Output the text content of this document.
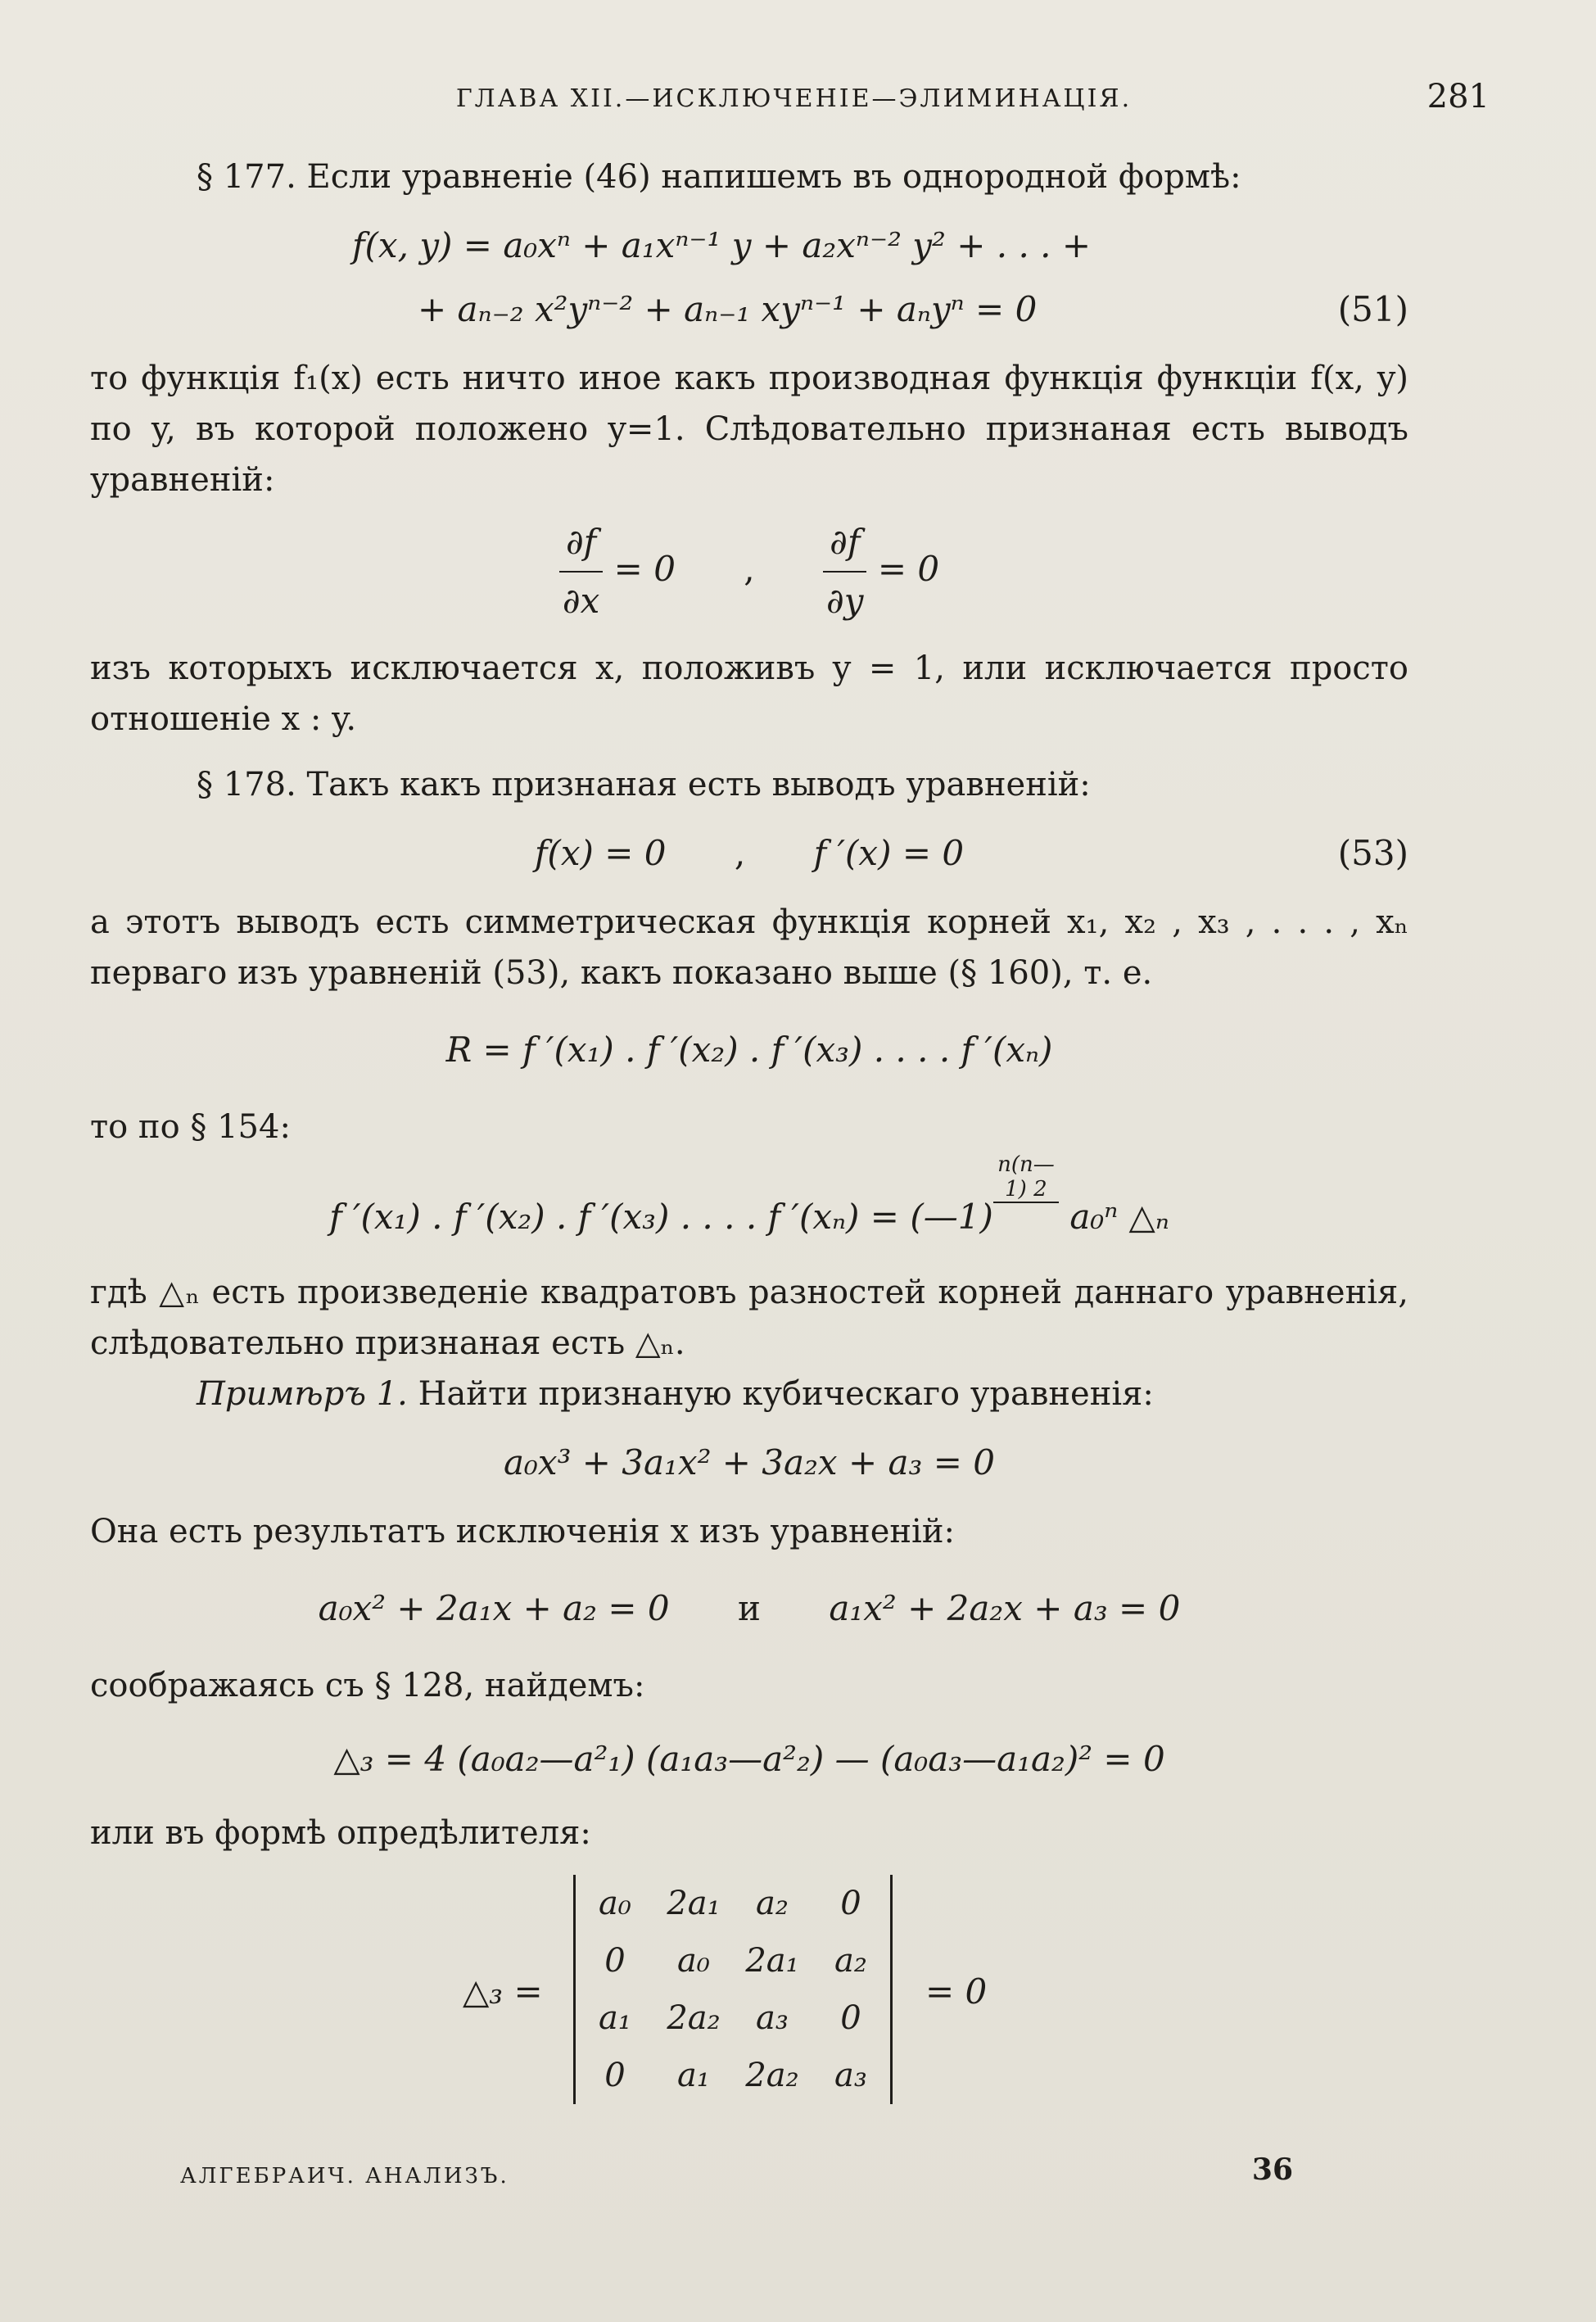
ГЛАВА XII.—ИСКЛЮЧЕНІЕ—ЭЛИМИНАЦІЯ.	281

§ 177. Если уравненіе (46) напишемъ въ однородной формѣ:

f(x, y) = a₀xⁿ + a₁xⁿ⁻¹ y + a₂xⁿ⁻² y² + . . . +
+ aₙ₋₂ x²yⁿ⁻² + aₙ₋₁ xyⁿ⁻¹ + aₙyⁿ = 0	(51)

то функція f₁(x) есть ничто иное какъ производная функція функціи f(x, y) по y, въ которой положено y=1. Слѣдовательно признаная есть выводъ уравненій:

$\frac{\partial f}{\partial x} = 0$ , $\frac{\partial f}{\partial y} = 0$

изъ которыхъ исключается x, положивъ y = 1, или исключается просто отношеніе x : y.

§ 178. Такъ какъ признаная есть выводъ уравненій:

f(x) = 0 , f ′(x) = 0	(53)

а этотъ выводъ есть симметрическая функція корней x₁, x₂ , x₃ , . . . , xₙ перваго изъ уравненій (53), какъ показано выше (§ 160), т. е.

R = f ′(x₁) . f ′(x₂) . f ′(x₃) . . . . f ′(xₙ)

то по § 154:

f ′(x₁) . f ′(x₂) . f ′(x₃) . . . . f ′(xₙ) = (—1)
n(n—1) 2
a₀ⁿ △ₙ

гдѣ △ₙ есть произведеніе квадратовъ разностей корней даннаго уравненія, слѣдовательно признаная есть △ₙ.

Примѣръ 1. Найти признаную кубическаго уравненія:

a₀x³ + 3a₁x² + 3a₂x + a₃ = 0

Она есть результатъ исключенія x изъ уравненій:

a₀x² + 2a₁x + a₂ = 0 и a₁x² + 2a₂x + a₃ = 0

соображаясь съ § 128, найдемъ:

△₃ = 4 (a₀a₂—a²₁) (a₁a₃—a²₂) — (a₀a₃—a₁a₂)² = 0

или въ формѣ опредѣлителя:

△₃ =
a₀	2a₁	a₂	0
0	a₀	2a₁	a₂
a₁	2a₂	a₃	0
0	a₁	2a₂	a₃
= 0
АЛГЕБРАИЧ. АНАЛИЗЪ.	36
